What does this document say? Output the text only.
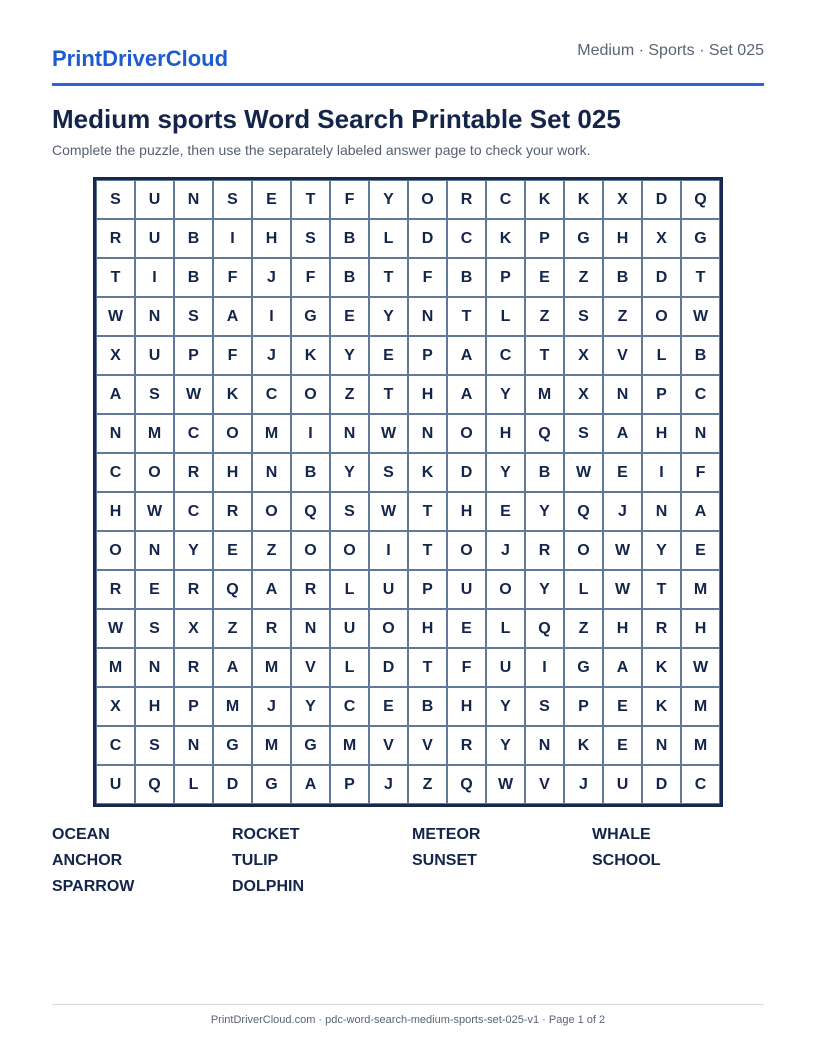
PrintDriverCloud	Medium · Sports · Set 025
Medium sports Word Search Printable Set 025
Complete the puzzle, then use the separately labeled answer page to check your work.
S	U	N	S	E	T	F	Y	O	R	C	K	K	X	D	Q
R	U	B	I	H	S	B	L	D	C	K	P	G	H	X	G
T	I	B	F	J	F	B	T	F	B	P	E	Z	B	D	T
W	N	S	A	I	G	E	Y	N	T	L	Z	S	Z	O	W
X	U	P	F	J	K	Y	E	P	A	C	T	X	V	L	B
A	S	W	K	C	O	Z	T	H	A	Y	M	X	N	P	C
N	M	C	O	M	I	N	W	N	O	H	Q	S	A	H	N
C	O	R	H	N	B	Y	S	K	D	Y	B	W	E	I	F
H	W	C	R	O	Q	S	W	T	H	E	Y	Q	J	N	A
O	N	Y	E	Z	O	O	I	T	O	J	R	O	W	Y	E
R	E	R	Q	A	R	L	U	P	U	O	Y	L	W	T	M
W	S	X	Z	R	N	U	O	H	E	L	Q	Z	H	R	H
M	N	R	A	M	V	L	D	T	F	U	I	G	A	K	W
X	H	P	M	J	Y	C	E	B	H	Y	S	P	E	K	M
C	S	N	G	M	G	M	V	V	R	Y	N	K	E	N	M
U	Q	L	D	G	A	P	J	Z	Q	W	V	J	U	D	C
OCEAN	ROCKET	METEOR	WHALE
ANCHOR	TULIP	SUNSET	SCHOOL
SPARROW	DOLPHIN
PrintDriverCloud.com · pdc-word-search-medium-sports-set-025-v1 · Page 1 of 2
